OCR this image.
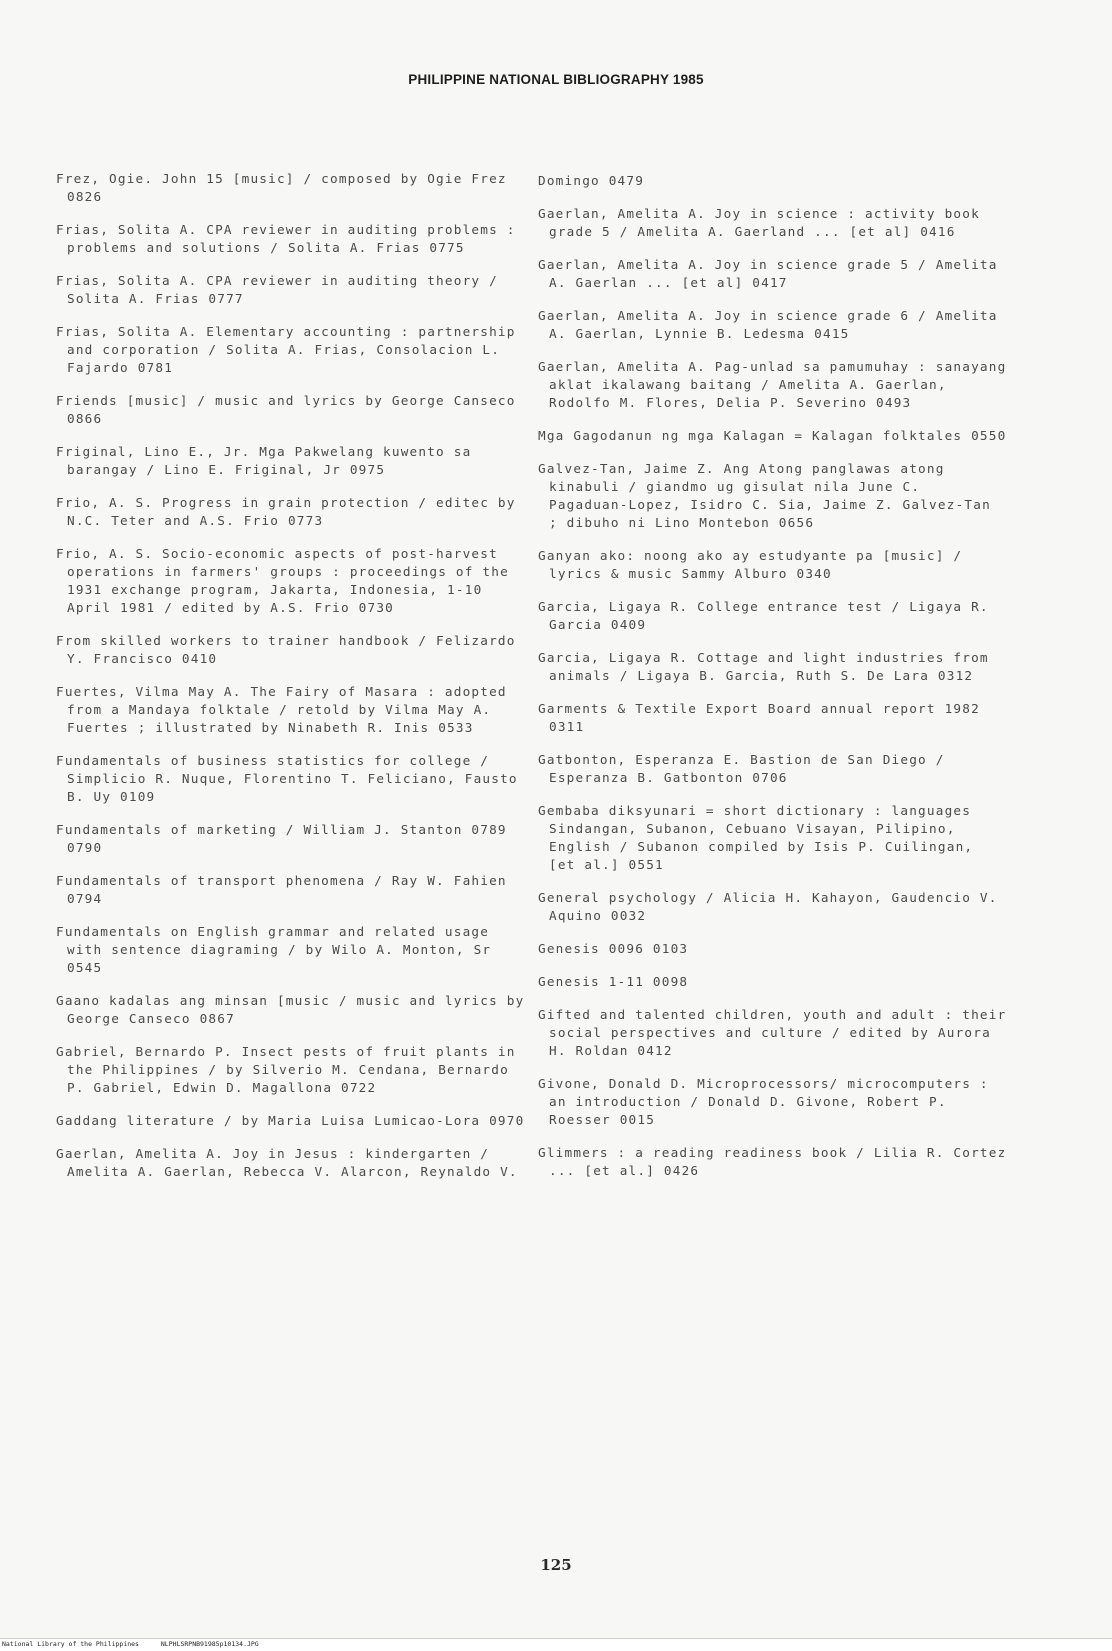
PHILIPPINE NATIONAL BIBLIOGRAPHY 1985

Frez, Ogie. John 15 [music] / composed by Ogie Frez 0826

Frias, Solita A. CPA reviewer in auditing problems : problems and solutions / Solita A. Frias 0775

Frias, Solita A. CPA reviewer in auditing theory / Solita A. Frias 0777

Frias, Solita A. Elementary accounting : partnership and corporation / Solita A. Frias, Consolacion L. Fajardo 0781

Friends [music] / music and lyrics by George Canseco 0866

Friginal, Lino E., Jr. Mga Pakwelang kuwento sa barangay / Lino E. Friginal, Jr 0975

Frio, A. S. Progress in grain protection / editec by N.C. Teter and A.S. Frio 0773

Frio, A. S. Socio-economic aspects of post-harvest operations in farmers' groups : proceedings of the 1931 exchange program, Jakarta, Indonesia, 1-10 April 1981 / edited by A.S. Frio 0730

From skilled workers to trainer handbook / Felizardo Y. Francisco 0410

Fuertes, Vilma May A. The Fairy of Masara : adopted from a Mandaya folktale / retold by Vilma May A. Fuertes ; illustrated by Ninabeth R. Inis 0533

Fundamentals of business statistics for college / Simplicio R. Nuque, Florentino T. Feliciano, Fausto B. Uy 0109

Fundamentals of marketing / William J. Stanton 0789 0790

Fundamentals of transport phenomena / Ray W. Fahien 0794

Fundamentals on English grammar and related usage with sentence diagraming / by Wilo A. Monton, Sr 0545

Gaano kadalas ang minsan [music / music and lyrics by George Canseco 0867

Gabriel, Bernardo P. Insect pests of fruit plants in the Philippines / by Silverio M. Cendana, Bernardo P. Gabriel, Edwin D. Magallona 0722

Gaddang literature / by Maria Luisa Lumicao-Lora 0970

Gaerlan, Amelita A. Joy in Jesus : kindergarten / Amelita A. Gaerlan, Rebecca V. Alarcon, Reynaldo V.

Domingo 0479

Gaerlan, Amelita A. Joy in science : activity book grade 5 / Amelita A. Gaerland ... [et al] 0416

Gaerlan, Amelita A. Joy in science grade 5 / Amelita A. Gaerlan ... [et al] 0417

Gaerlan, Amelita A. Joy in science grade 6 / Amelita A. Gaerlan, Lynnie B. Ledesma 0415

Gaerlan, Amelita A. Pag-unlad sa pamumuhay : sanayang aklat ikalawang baitang / Amelita A. Gaerlan, Rodolfo M. Flores, Delia P. Severino 0493

Mga Gagodanun ng mga Kalagan = Kalagan folktales 0550

Galvez-Tan, Jaime Z. Ang Atong panglawas atong kinabuli / giandmo ug gisulat nila June C. Pagaduan-Lopez, Isidro C. Sia, Jaime Z. Galvez-Tan ; dibuho ni Lino Montebon 0656

Ganyan ako: noong ako ay estudyante pa [music] / lyrics & music Sammy Alburo 0340

Garcia, Ligaya R. College entrance test / Ligaya R. Garcia 0409

Garcia, Ligaya R. Cottage and light industries from animals / Ligaya B. Garcia, Ruth S. De Lara 0312

Garments & Textile Export Board annual report 1982 0311

Gatbonton, Esperanza E. Bastion de San Diego / Esperanza B. Gatbonton 0706

Gembaba diksyunari = short dictionary : languages Sindangan, Subanon, Cebuano Visayan, Pilipino, English / Subanon compiled by Isis P. Cuilingan, [et al.] 0551

General psychology / Alicia H. Kahayon, Gaudencio V. Aquino 0032

Genesis 0096 0103

Genesis 1-11 0098

Gifted and talented children, youth and adult : their social perspectives and culture / edited by Aurora H. Roldan 0412

Givone, Donald D. Microprocessors/ microcomputers : an introduction / Donald D. Givone, Robert P. Roesser 0015

Glimmers : a reading readiness book / Lilia R. Cortez ... [et al.] 0426

125
National Library of the Philippines	NLPHLSRPNB91985p10134.JPG
